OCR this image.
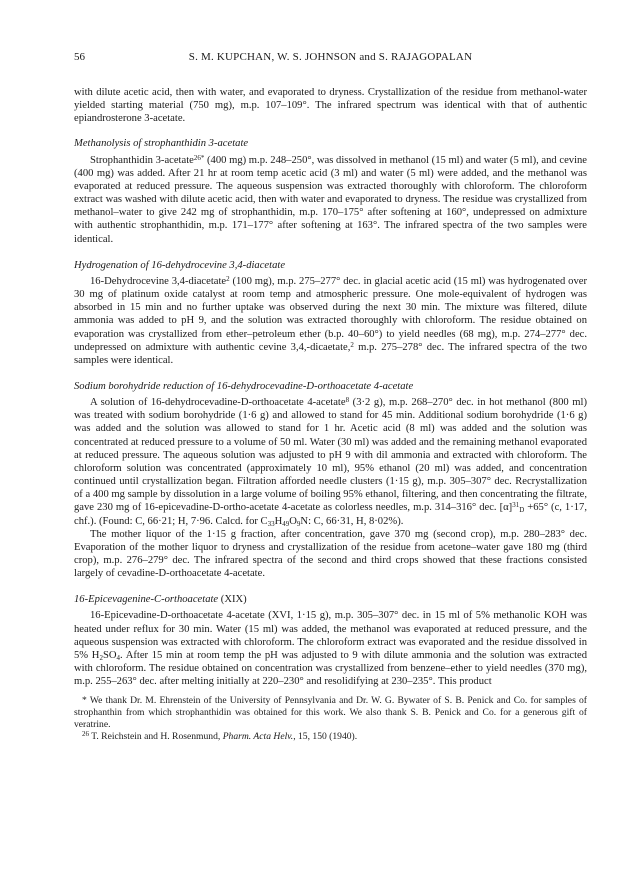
56	S. M. KUPCHAN, W. S. JOHNSON and S. RAJAGOPALAN

with dilute acetic acid, then with water, and evaporated to dryness. Crystallization of the residue from methanol-water yielded starting material (750 mg), m.p. 107–109°. The infrared spectrum was identical with that of authentic epiandrosterone 3-acetate.

Methanolysis of strophanthidin 3-acetate

Strophanthidin 3-acetate$^{26*}$ (400 mg) m.p. 248–250°, was dissolved in methanol (15 ml) and water (5 ml), and cevine (400 mg) was added. After 21 hr at room temp acetic acid (3 ml) and water (5 ml) were added, and the methanol was evaporated at reduced pressure. The aqueous suspension was extracted thoroughly with chloroform. The chloroform extract was washed with dilute acetic acid, then with water and evaporated to dryness. The residue was crystallized from methanol–water to give 242 mg of strophanthidin, m.p. 170–175° after softening at 160°, undepressed on admixture with authentic strophanthidin, m.p. 171–177° after softening at 163°. The infrared spectra of the two samples were identical.

Hydrogenation of 16-dehydrocevine 3,4-diacetate

16-Dehydrocevine 3,4-diacetate$^2$ (100 mg), m.p. 275–277° dec. in glacial acetic acid (15 ml) was hydrogenated over 30 mg of platinum oxide catalyst at room temp and atmospheric pressure. One mole-equivalent of hydrogen was absorbed in 15 min and no further uptake was observed during the next 30 min. The mixture was filtered, dilute ammonia was added to pH 9, and the solution was extracted thoroughly with chloroform. The residue obtained on evaporation was crystallized from ether–petroleum ether (b.p. 40–60°) to yield needles (68 mg), m.p. 274–277° dec. undepressed on admixture with authentic cevine 3,4,-dicaetate,$^2$ m.p. 275–278° dec. The infrared spectra of the two samples were identical.

Sodium borohydride reduction of 16-dehydrocevadine-D-orthoacetate 4-acetate

A solution of 16-dehydrocevadine-D-orthoacetate 4-acetate$^8$ (3·2 g), m.p. 268–270° dec. in hot methanol (800 ml) was treated with sodium borohydride (1·6 g) and allowed to stand for 45 min. Additional sodium borohydride (1·6 g) was added and the solution was allowed to stand for 1 hr. Acetic acid (8 ml) was added and the solution was concentrated at reduced pressure to a volume of 50 ml. Water (30 ml) was added and the remaining methanol evaporated at reduced pressure. The aqueous solution was adjusted to pH 9 with dil ammonia and extracted with chloroform. The chloroform solution was concentrated (approximately 10 ml), 95% ethanol (20 ml) was added, and concentration continued until crystallization began. Filtration afforded needle clusters (1·15 g), m.p. 305–307° dec. Recrystallization of a 400 mg sample by dissolution in a large volume of boiling 95% ethanol, filtering, and then concentrating the filtrate, gave 230 mg of 16-epicevadine-D-ortho-acetate 4-acetate as colorless needles, m.p. 314–316° dec. $[\alpha]^{31}_D +65^\circ$ (c, 1·17, chf.). (Found: C, 66·21; H, 7·96. Calcd. for $C_{33}H_{49}O_9N$: C, 66·31, H, 8·02%).

The mother liquor of the 1·15 g fraction, after concentration, gave 370 mg (second crop), m.p. 280–283° dec. Evaporation of the mother liquor to dryness and crystallization of the residue from acetone–water gave 180 mg (third crop), m.p. 276–279° dec. The infrared spectra of the second and third crops showed that these fractions consisted largely of cevadine-D-orthoacetate 4-acetate.

16-Epicevagenine-C-orthoacetate (XIX)

16-Epicevadine-D-orthoacetate 4-acetate (XVI, 1·15 g), m.p. 305–307° dec. in 15 ml of 5% methanolic KOH was heated under reflux for 30 min. Water (15 ml) was added, the methanol was evaporated at reduced pressure, and the aqueous suspension was extracted with chloroform. The chloroform extract was evaporated and the residue dissolved in 5% $H_2SO_4$. After 15 min at room temp the pH was adjusted to 9 with dilute ammonia and the solution was extracted with chloroform. The residue obtained on concentration was crystallized from benzene–ether to yield needles (370 mg), m.p. 255–263° dec. after melting initially at 220–230° and resolidifying at 230–235°. This product

* We thank Dr. M. Ehrenstein of the University of Pennsylvania and Dr. W. G. Bywater of S. B. Penick and Co. for samples of strophanthin from which strophanthidin was obtained for this work. We also thank S. B. Penick and Co. for a generous gift of veratrine.

$^{26}$ T. Reichstein and H. Rosenmund, Pharm. Acta Helv., 15, 150 (1940).
